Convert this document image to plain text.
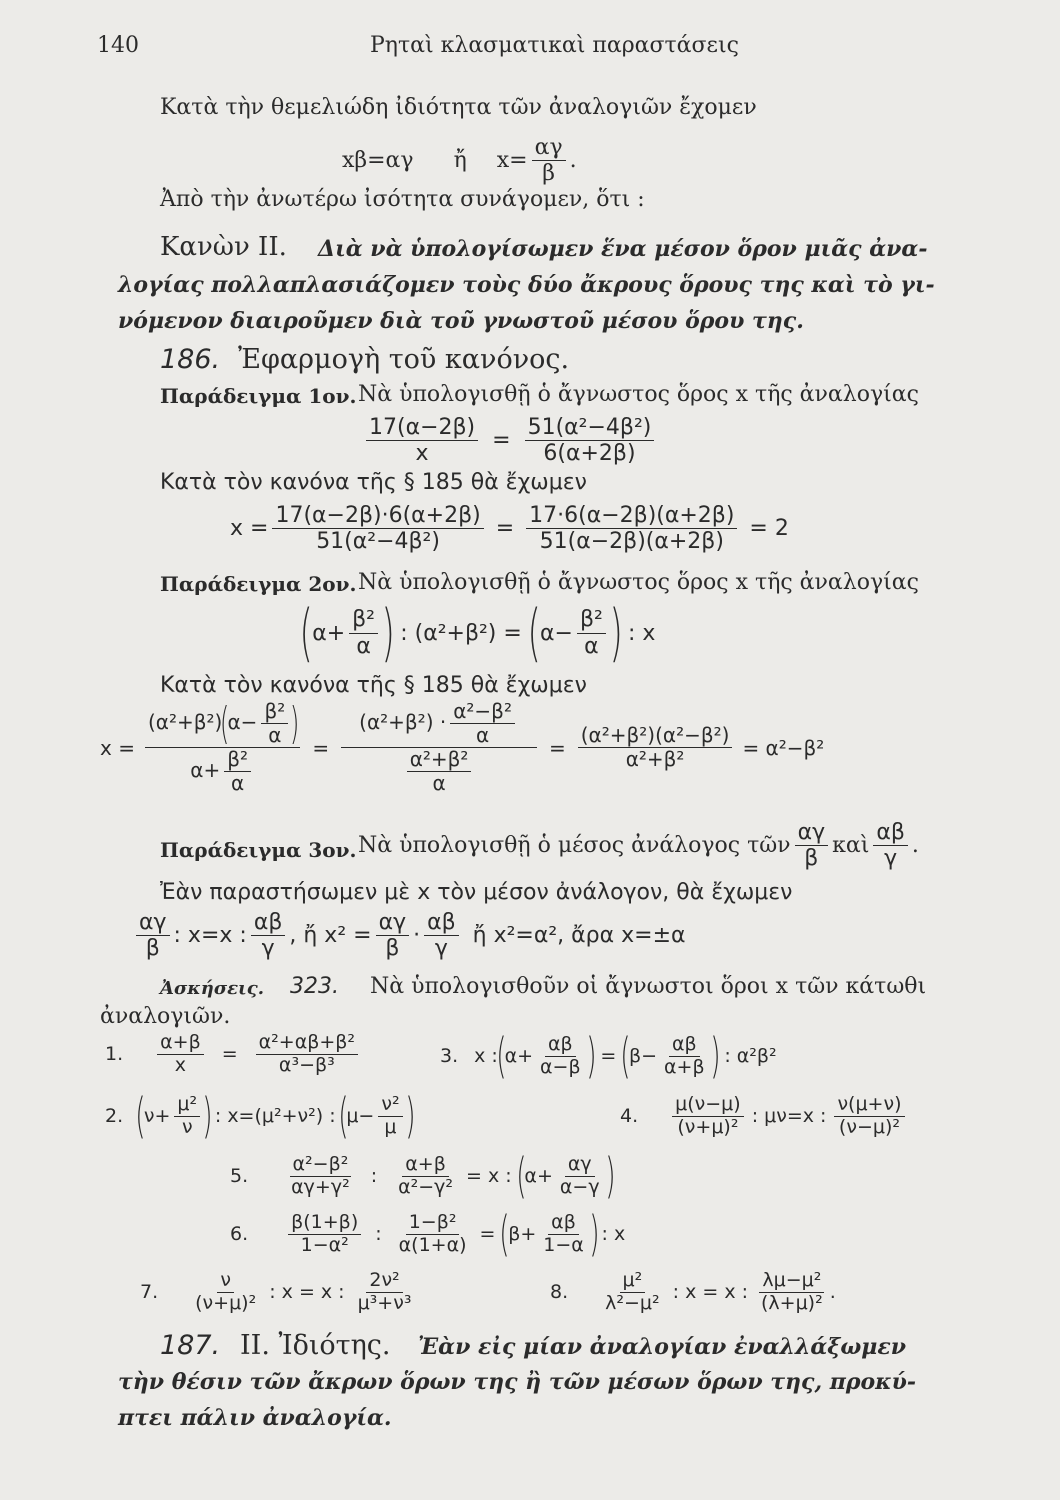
140	Ρηταὶ κλασματικαὶ παραστάσεις
Κατὰ τὴν θεμελιώδη ἰδιότητα τῶν ἀναλογιῶν ἔχομεν
xβ=αγ ἤ $x= \frac{\alpha\gamma}{\beta}$ .
Ἀπὸ τὴν ἀνωτέρω ἰσότητα συνάγομεν, ὅτι :
Κανὼν II. Διὰ νὰ ὑπολογίσωμεν ἕνα μέσον ὅρον μιᾶς ἀνα-
λογίας πολλαπλασιάζομεν τοὺς δύο ἄκρους ὅρους της καὶ τὸ γι-
νόμενον διαιροῦμεν διὰ τοῦ γνωστοῦ μέσου ὅρου της.
186. Ἐφαρμογὴ τοῦ κανόνος.
Παράδειγμα 1ον. Νὰ ὑπολογισθῇ ὁ ἄγνωστος ὅρος x τῆς ἀναλογίας
$\frac{17(\alpha-2\beta)}{x} = \frac{\text{51(α²−4β²)}}{6(\alpha+2\beta)}$
Κατὰ τὸν κανόνα τῆς § 185 θὰ ἔχωμεν
$x = \frac{17(\alpha-2\beta)\cdot 6(\alpha+2\beta)}{\text{51(α²−4β²)}} = \frac{17\cdot 6(\alpha-2\beta)(\alpha+2\beta)}{51(\alpha-2\beta)(\alpha+2\beta)} = 2$
Παράδειγμα 2ον. Νὰ ὑπολογισθῇ ὁ ἄγνωστος ὅρος x τῆς ἀναλογίας
( $\alpha+ \frac{\text{β²}}{\alpha}$ ) : (α²+β²) = ( $\alpha- \frac{\text{β²}}{\alpha}$ ) : x
Κατὰ τὸν κανόνα τῆς § 185 θὰ ἔχωμεν
$x = \frac{(\alpha^2+\beta^2)(\alpha- \frac{\text{β²}}{\alpha} )}{\alpha+ \frac{\text{β²}}{\alpha}} = \frac{(\alpha^2+\beta^2) \cdot \frac{\text{α²−β²}}{\alpha}}{\frac{\text{α²+β²}}{\alpha}} = \frac{\text{(α²+β²)(α²−β²)}}{\text{α²+β²}} = \alpha^2-\beta^2$
Παράδειγμα 3ον. Νὰ ὑπολογισθῇ ὁ μέσος ἀνάλογος τῶν
αγ
β
καὶ
αβ
γ
.
Ἐὰν παραστήσωμεν μὲ x τὸν μέσον ἀνάλογον, θὰ ἔχωμεν
αγ
β
: x=x :
αβ
γ
, ἤ $x^2 = \frac{\alpha\gamma}{\beta}$ ·
αβ
γ
ἤ x²=α², ἄρα x=±α
Ἀσκήσεις. 323. Νὰ ὑπολογισθοῦν οἱ ἄγνωστοι ὅροι x τῶν κάτωθι
ἀναλογιῶν.
1. $\frac{\alpha+\beta}{x} = \frac{\text{α²+αβ+β²}}{\text{α³−β³}}$	3. x :
(
$\alpha+ \frac{\alpha\beta}{\alpha-\beta}$ ) = (
$\beta- \frac{\alpha\beta}{\alpha+\beta}$ ) : α²β²
2. (
$\nu+ \frac{\text{μ²}}{\nu}$ ) : x=(μ²+ν²) : (
$\mu- \frac{\text{ν²}}{\mu}$ )	4.
μ(ν−μ)
(ν+μ)² : μν=x :
ν(μ+ν)
(ν−μ)²
5.
α²−β²
αγ+γ² : $\frac{\alpha+\beta}{\text{α²−γ²}} = x$ : (
$\alpha+ \frac{\alpha\gamma}{\alpha-\gamma}$ )
6.
β(1+β)
1−α² : $\frac{\text{1−β²}}{\alpha(1+\alpha)}$ = (
$\beta+ \frac{\alpha\beta}{1-\alpha}$ ) : x
7.
ν
(ν+μ)² : x = x :
2ν²
μ³+ν³	8.
μ²
λ²−μ² : x = x :
λμ−μ²
(λ+μ)² .
187. II. Ἰδιότης. Ἐὰν εἰς μίαν ἀναλογίαν ἐναλλάξωμεν
τὴν θέσιν τῶν ἄκρων ὅρων της ἢ τῶν μέσων ὅρων της, προκύ-
πτει πάλιν ἀναλογία.
